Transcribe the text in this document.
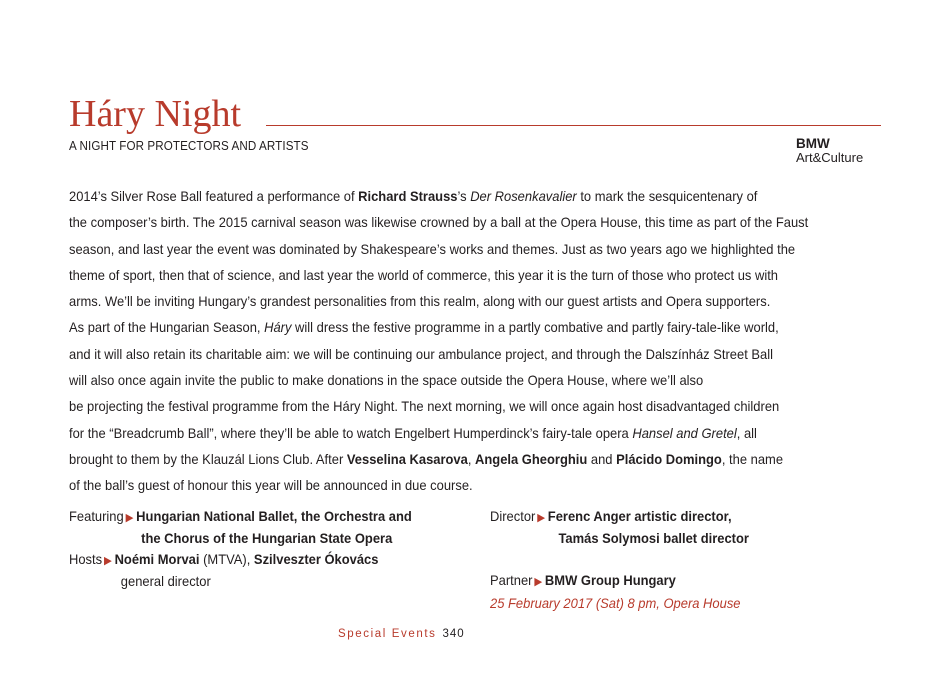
Háry Night
A NIGHT FOR PROTECTORS AND ARTISTS	BMW
Art&Culture
2014’s Silver Rose Ball featured a performance of Richard Strauss’s Der Rosenkavalier to mark the sesquicentenary of
the composer’s birth. The 2015 carnival season was likewise crowned by a ball at the Opera House, this time as part of the Faust
season, and last year the event was dominated by Shakespeare’s works and themes. Just as two years ago we highlighted the
theme of sport, then that of science, and last year the world of commerce, this year it is the turn of those who protect us with
arms. We’ll be inviting Hungary’s grandest personalities from this realm, along with our guest artists and Opera supporters.
As part of the Hungarian Season, Háry will dress the festive programme in a partly combative and partly fairy-tale-like world,
and it will also retain its charitable aim: we will be continuing our ambulance project, and through the Dalszínház Street Ball
will also once again invite the public to make donations in the space outside the Opera House, where we’ll also
be projecting the festival programme from the Háry Night. The next morning, we will once again host disadvantaged children
for the “Breadcrumb Ball”, where they’ll be able to watch Engelbert Humperdinck’s fairy-tale opera Hansel and Gretel, all
brought to them by the Klauzál Lions Club. After Vesselina Kasarova, Angela Gheorghiu and Plácido Domingo, the name
of the ball’s guest of honour this year will be announced in due course.
Featuring ▶ Hungarian National Ballet, the Orchestra and
the Chorus of the Hungarian State Opera
Hosts ▶ Noémi Morvai (MTVA), Szilveszter Ókovács
general director
Director ▶ Ferenc Anger artistic director,
Tamás Solymosi ballet director
Partner ▶ BMW Group Hungary
25 February 2017 (Sat) 8 pm, Opera House
Special Events 340
